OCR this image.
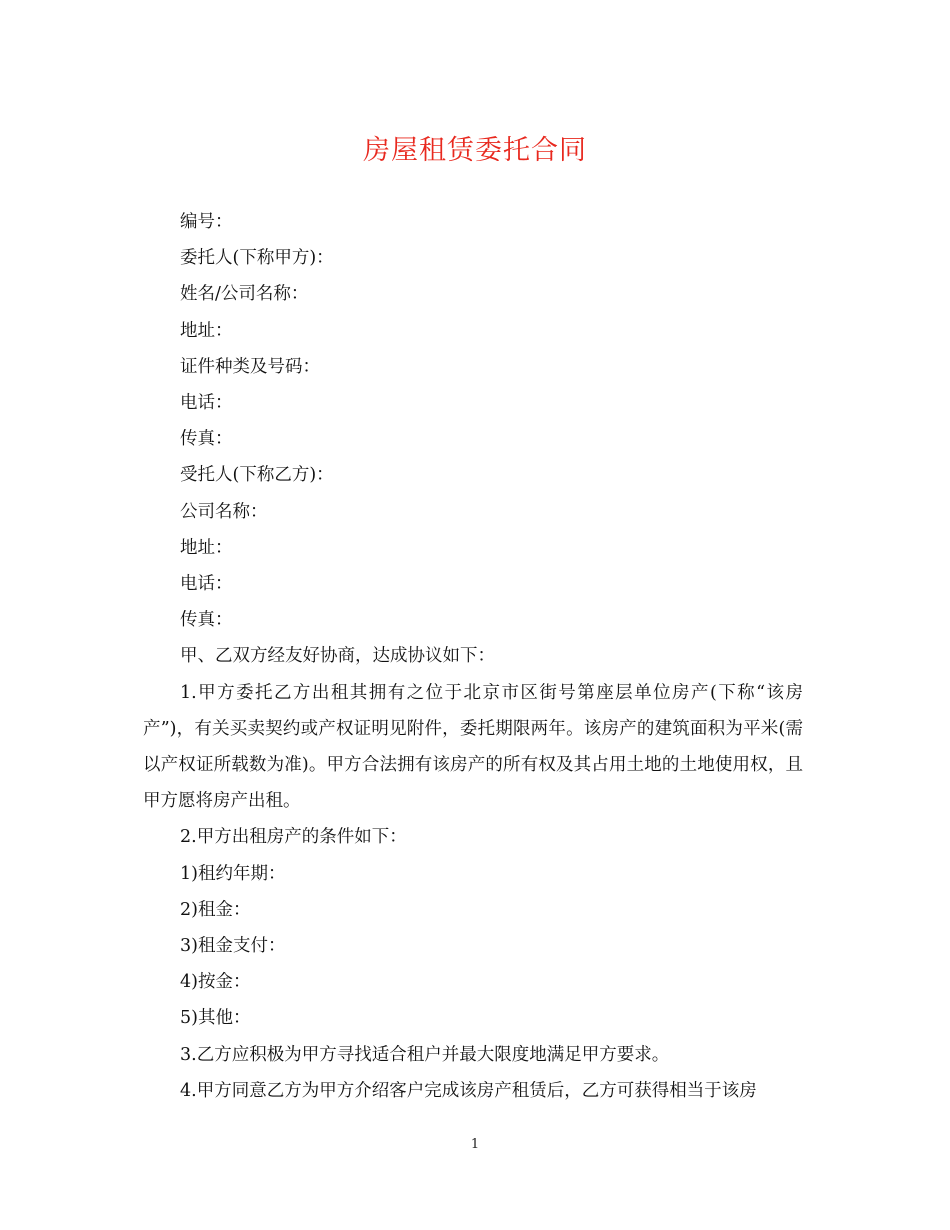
房屋租赁委托合同
编号：
委托人(下称甲方)：
姓名/公司名称：
地址：
证件种类及号码：
电话：
传真：
受托人(下称乙方)：
公司名称：
地址：
电话：
传真：
甲、乙双方经友好协商，达成协议如下：
1.甲方委托乙方出租其拥有之位于北京市区街号第座层单位房产(下称“该房产”)，有关买卖契约或产权证明见附件，委托期限两年。该房产的建筑面积为平米(需以产权证所载数为准)。甲方合法拥有该房产的所有权及其占用土地的土地使用权，且甲方愿将房产出租。
2.甲方出租房产的条件如下：
1)租约年期：
2)租金：
3)租金支付：
4)按金：
5)其他：
3.乙方应积极为甲方寻找适合租户并最大限度地满足甲方要求。
4.甲方同意乙方为甲方介绍客户完成该房产租赁后，乙方可获得相当于该房
1
